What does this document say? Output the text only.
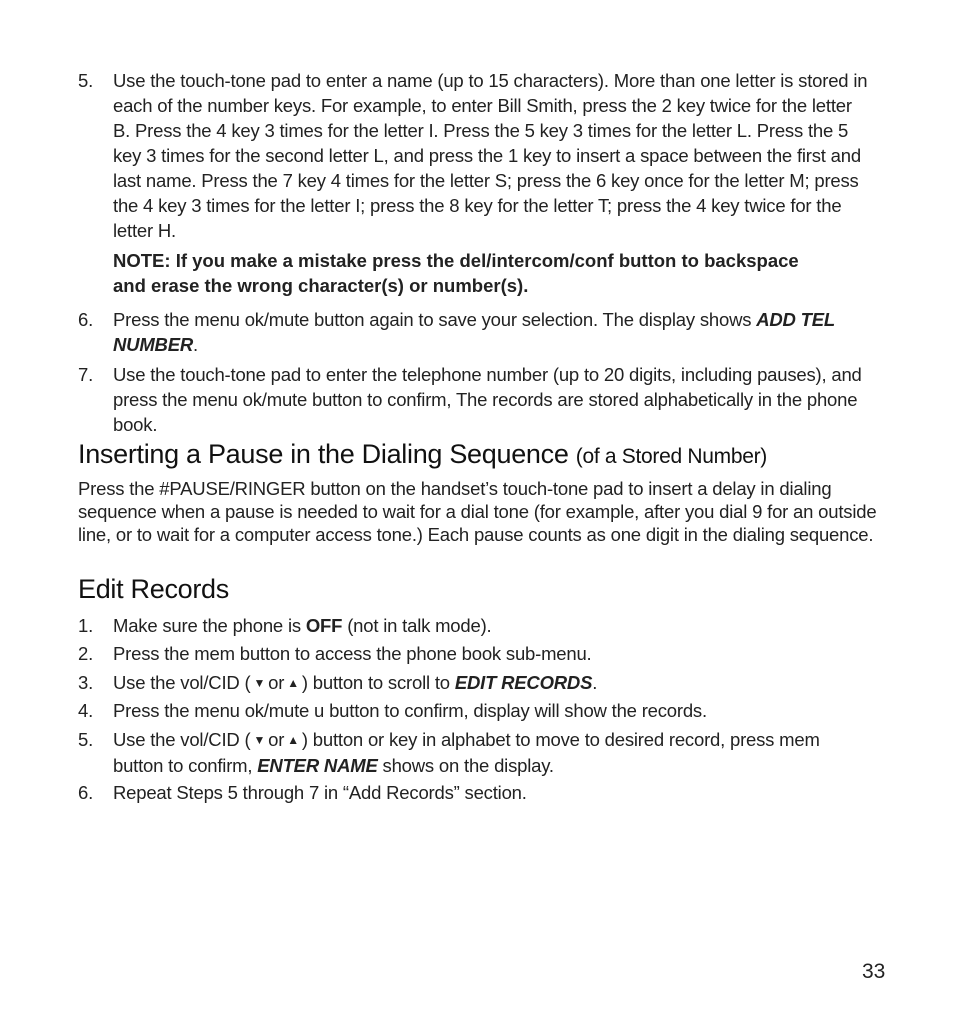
5.	Use the touch-tone pad to enter a name (up to 15 characters). More than one letter is stored in each of the number keys. For example, to enter Bill Smith, press the 2 key twice for the letter B. Press the 4 key 3 times for the letter I. Press the 5 key 3 times for the letter L. Press the 5 key 3 times for the second letter L, and press the 1 key to insert a space between the first and last name. Press the 7 key 4 times for the letter S; press the 6 key once for the letter M; press the 4 key 3 times for the letter I; press the 8 key for the letter T; press the 4 key twice for the letter H.
NOTE: If you make a mistake press the del/intercom/conf button to backspace and erase the wrong character(s) or number(s).
6.	Press the menu ok/mute button again to save your selection. The display shows ADD TEL NUMBER.
7.	Use the touch-tone pad to enter the telephone number (up to 20 digits, including pauses), and press the menu ok/mute button to confirm, The records are stored alphabetically in the phone book.
Inserting a Pause in the Dialing Sequence (of a Stored Number)
Press the #PAUSE/RINGER button on the handset’s touch-tone pad to insert a delay in dialing sequence when a pause is needed to wait for a dial tone (for example, after you dial 9 for an outside line, or to wait for a computer access tone.) Each pause counts as one digit in the dialing sequence.
Edit Records
1.	Make sure the phone is OFF (not in talk mode).
2.	Press the mem button to access the phone book sub-menu.
3.	Use the vol/CID ( ▼ or ▲ ) button to scroll to EDIT RECORDS.
4.	Press the menu ok/mute u button to confirm, display will show the records.
5.	Use the vol/CID ( ▼ or ▲ ) button or key in alphabet to move to desired record, press mem button to confirm, ENTER NAME shows on the display.
6.	Repeat Steps 5 through 7 in “Add Records” section.
33
